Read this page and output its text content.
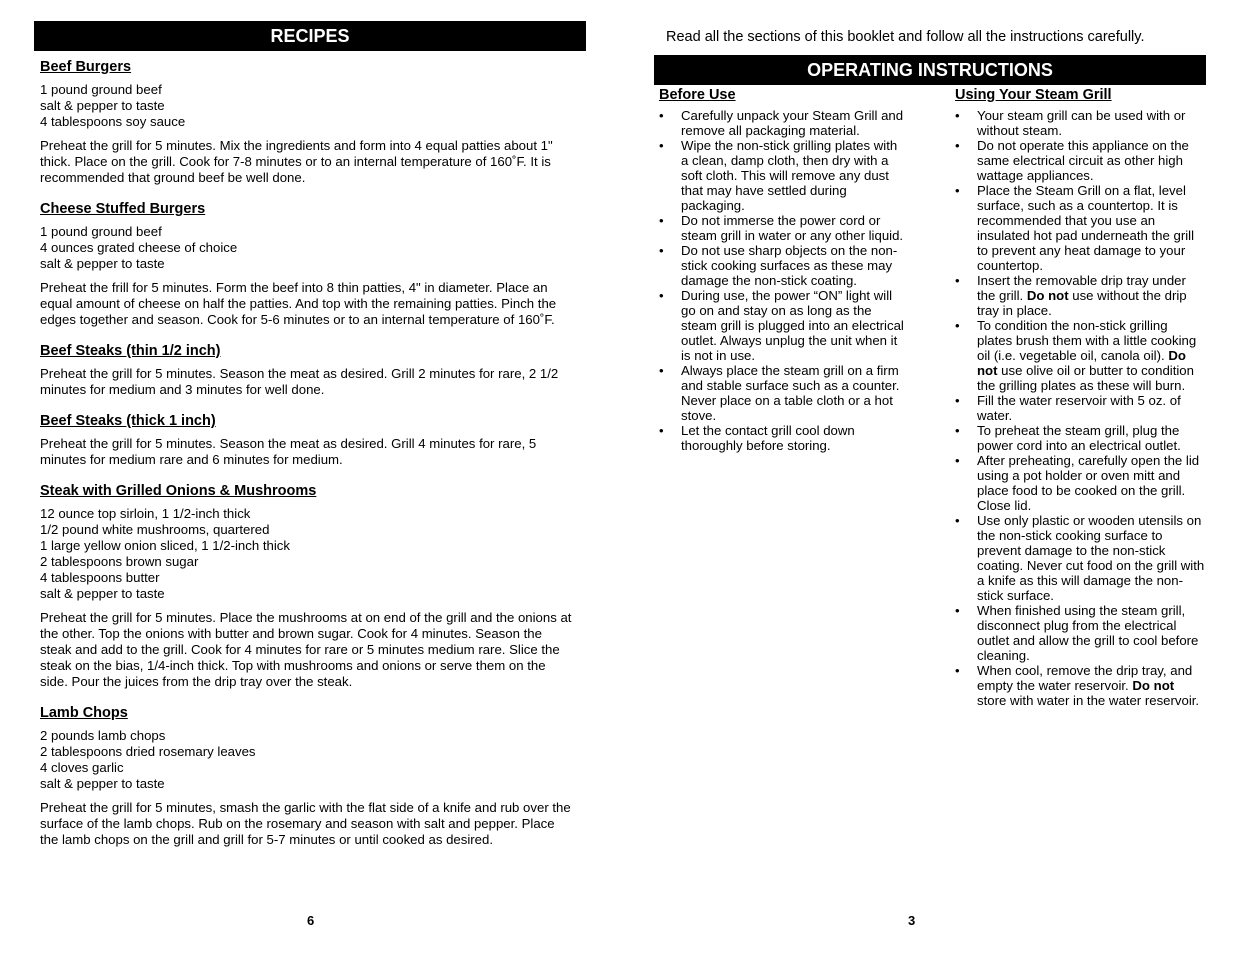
RECIPES
Beef Burgers
1 pound ground beef
salt & pepper to taste
4 tablespoons soy sauce
Preheat the grill for 5 minutes. Mix the ingredients and form into 4 equal patties about 1" thick. Place on the grill. Cook for 7-8 minutes or to an internal temperature of 160˚F. It is recommended that ground beef be well done.
Cheese Stuffed Burgers
1 pound ground beef
4 ounces grated cheese of choice
salt & pepper to taste
Preheat the frill for 5 minutes. Form the beef into 8 thin patties, 4" in diameter. Place an equal amount of cheese on half the patties. And top with the remaining patties. Pinch the edges together and season. Cook for 5-6 minutes or to an internal temperature of 160˚F.
Beef Steaks (thin 1/2 inch)
Preheat the grill for 5 minutes. Season the meat as desired. Grill 2 minutes for rare, 2 1/2 minutes for medium and 3 minutes for well done.
Beef Steaks (thick 1 inch)
Preheat the grill for 5 minutes. Season the meat as desired. Grill 4 minutes for rare, 5 minutes for medium rare and 6 minutes for medium.
Steak with Grilled Onions & Mushrooms
12 ounce top sirloin, 1 1/2-inch thick
1/2 pound white mushrooms, quartered
1 large yellow onion sliced, 1 1/2-inch thick
2 tablespoons brown sugar
4 tablespoons butter
salt & pepper to taste
Preheat the grill for 5 minutes. Place the mushrooms at on end of the grill and the onions at the other. Top the onions with butter and brown sugar. Cook for 4 minutes. Season the steak and add to the grill. Cook for 4 minutes for rare or 5 minutes medium rare. Slice the steak on the bias, 1/4-inch thick. Top with mushrooms and onions or serve them on the side. Pour the juices from the drip tray over the steak.
Lamb Chops
2 pounds lamb chops
2 tablespoons dried rosemary leaves
4 cloves garlic
salt & pepper to taste
Preheat the grill for 5 minutes, smash the garlic with the flat side of a knife and rub over the surface of the lamb chops. Rub on the rosemary and season with salt and pepper. Place the lamb chops on the grill and grill for 5-7 minutes or until cooked as desired.
6
Read all the sections of this booklet and follow all the instructions carefully.
OPERATING INSTRUCTIONS
Before Use
• Carefully unpack your Steam Grill and remove all packaging material.
• Wipe the non-stick grilling plates with a clean, damp cloth, then dry with a soft cloth. This will remove any dust that may have settled during packaging.
• Do not immerse the power cord or steam grill in water or any other liquid.
• Do not use sharp objects on the non-stick cooking surfaces as these may damage the non-stick coating.
• During use, the power “ON” light will go on and stay on as long as the steam grill is plugged into an electrical outlet. Always unplug the unit when it is not in use.
• Always place the steam grill on a firm and stable surface such as a counter. Never place on a table cloth or a hot stove.
• Let the contact grill cool down thoroughly before storing.
Using Your Steam Grill
• Your steam grill can be used with or without steam.
• Do not operate this appliance on the same electrical circuit as other high wattage appliances.
• Place the Steam Grill on a flat, level surface, such as a countertop. It is recommended that you use an insulated hot pad underneath the grill to prevent any heat damage to your countertop.
• Insert the removable drip tray under the grill. Do not use without the drip tray in place.
• To condition the non-stick grilling plates brush them with a little cooking oil (i.e. vegetable oil, canola oil). Do not use olive oil or butter to condition the grilling plates as these will burn.
• Fill the water reservoir with 5 oz. of water.
• To preheat the steam grill, plug the power cord into an electrical outlet.
• After preheating, carefully open the lid using a pot holder or oven mitt and place food to be cooked on the grill. Close lid.
• Use only plastic or wooden utensils on the non-stick cooking surface to prevent damage to the non-stick coating. Never cut food on the grill with a knife as this will damage the non-stick surface.
• When finished using the steam grill, disconnect plug from the electrical outlet and allow the grill to cool before cleaning.
• When cool, remove the drip tray, and empty the water reservoir. Do not store with water in the water reservoir.
3
